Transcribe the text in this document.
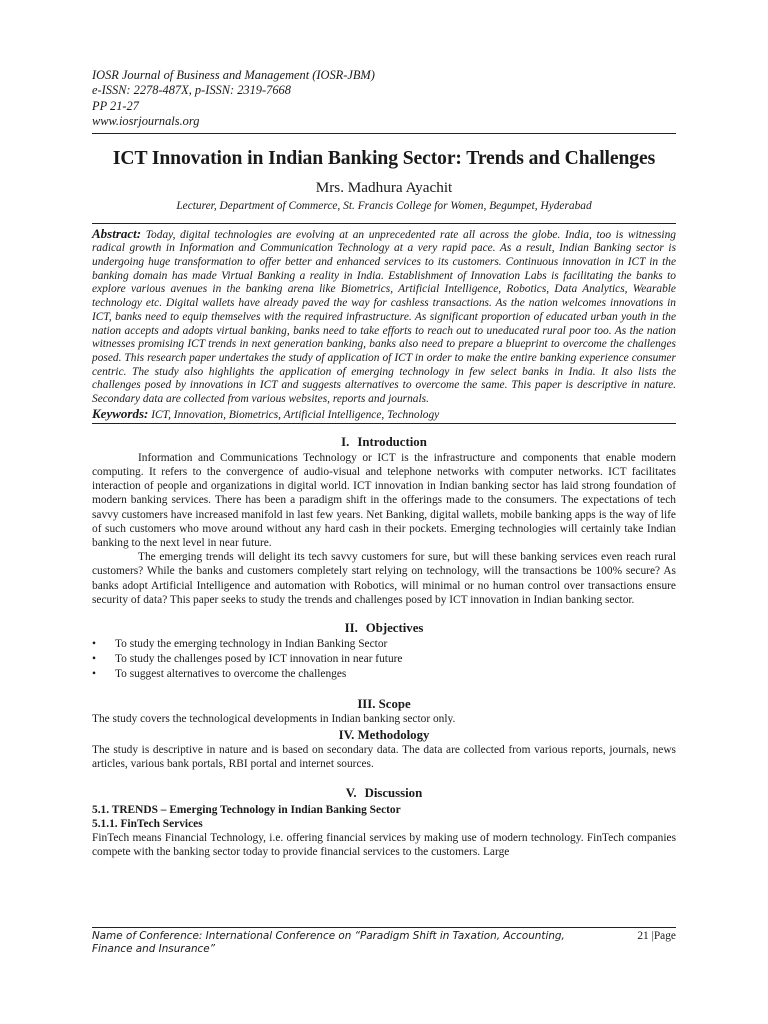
IOSR Journal of Business and Management (IOSR-JBM)
e-ISSN: 2278-487X, p-ISSN: 2319-7668
PP 21-27
www.iosrjournals.org
ICT Innovation in Indian Banking Sector: Trends and Challenges
Mrs. Madhura Ayachit
Lecturer, Department of Commerce, St. Francis College for Women, Begumpet, Hyderabad
Abstract: Today, digital technologies are evolving at an unprecedented rate all across the globe. India, too is witnessing radical growth in Information and Communication Technology at a very rapid pace. As a result, Indian Banking sector is undergoing huge transformation to offer better and enhanced services to its customers. Continuous innovation in ICT in the banking domain has made Virtual Banking a reality in India. Establishment of Innovation Labs is facilitating the banks to explore various avenues in the banking arena like Biometrics, Artificial Intelligence, Robotics, Data Analytics, Wearable technology etc. Digital wallets have already paved the way for cashless transactions. As the nation welcomes innovations in ICT, banks need to equip themselves with the required infrastructure. As significant proportion of educated urban youth in the nation accepts and adopts virtual banking, banks need to take efforts to reach out to uneducated rural poor too. As the nation witnesses promising ICT trends in next generation banking, banks also need to prepare a blueprint to overcome the challenges posed. This research paper undertakes the study of application of ICT in order to make the entire banking experience consumer centric. The study also highlights the application of emerging technology in few select banks in India. It also lists the challenges posed by innovations in ICT and suggests alternatives to overcome the same. This paper is descriptive in nature. Secondary data are collected from various websites, reports and journals.
Keywords: ICT, Innovation, Biometrics, Artificial Intelligence, Technology
I. Introduction

Information and Communications Technology or ICT is the infrastructure and components that enable modern computing. It refers to the convergence of audio-visual and telephone networks with computer networks. ICT facilitates interaction of people and organizations in digital world. ICT innovation in Indian banking sector has laid strong foundation of modern banking services. There has been a paradigm shift in the offerings made to the consumers. The expectations of tech savvy customers have increased manifold in last few years. Net Banking, digital wallets, mobile banking apps is the way of life of such customers who move around without any hard cash in their pockets. Emerging technologies will certainly take Indian banking to the next level in near future.

The emerging trends will delight its tech savvy customers for sure, but will these banking services even reach rural customers? While the banks and customers completely start relying on technology, will the transactions be 100% secure? As banks adopt Artificial Intelligence and automation with Robotics, will minimal or no human control over transactions ensure security of data? This paper seeks to study the trends and challenges posed by ICT innovation in Indian banking sector.

II. Objectives
• To study the emerging technology in Indian Banking Sector
• To study the challenges posed by ICT innovation in near future
• To suggest alternatives to overcome the challenges
III. Scope

The study covers the technological developments in Indian banking sector only.

IV. Methodology

The study is descriptive in nature and is based on secondary data. The data are collected from various reports, journals, news articles, various bank portals, RBI portal and internet sources.

V. Discussion
5.1. TRENDS – Emerging Technology in Indian Banking Sector
5.1.1. FinTech Services

FinTech means Financial Technology, i.e. offering financial services by making use of modern technology. FinTech companies compete with the banking sector today to provide financial services to the customers. Large

Name of Conference: International Conference on “Paradigm Shift in Taxation, Accounting, Finance and Insurance”
21 |Page
